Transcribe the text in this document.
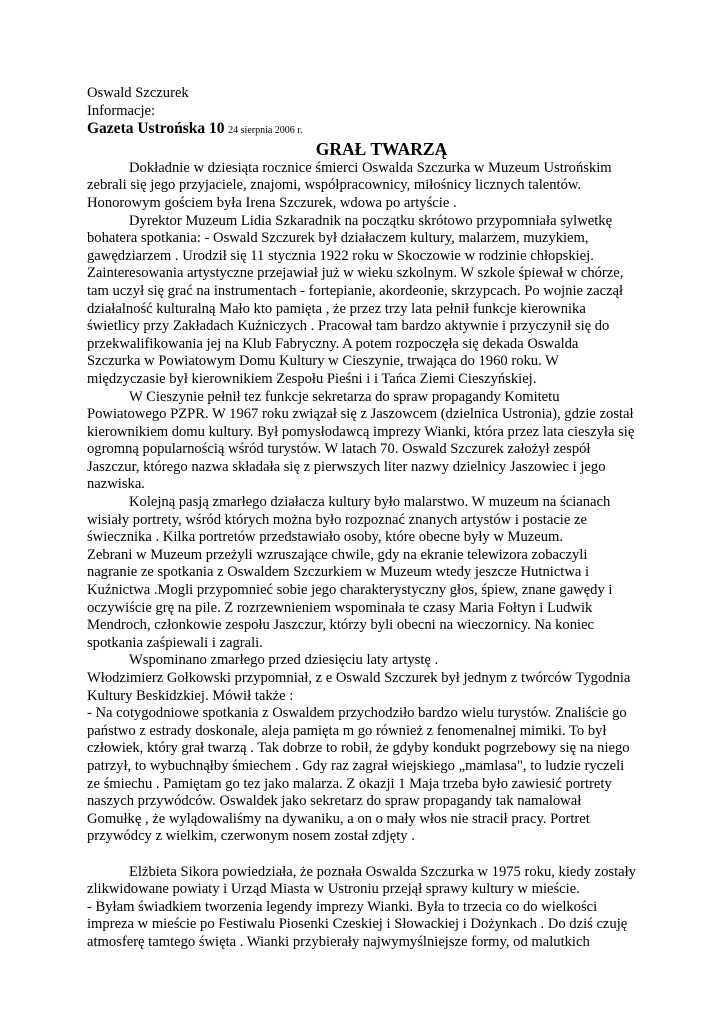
Oswald Szczurek
Informacje:
Gazeta Ustrońska 10 24 sierpnia 2006 r.
GRAŁ TWARZĄ
Dokładnie w dziesiąta rocznice śmierci Oswalda Szczurka w Muzeum Ustrońskim
zebrali się jego przyjaciele, znajomi, współpracownicy, miłośnicy licznych talentów.
Honorowym gościem była Irena Szczurek, wdowa po artyście .
Dyrektor Muzeum Lidia Szkaradnik na początku skrótowo przypomniała sylwetkę
bohatera spotkania: - Oswald Szczurek był działaczem kultury, malarzem, muzykiem,
gawędziarzem . Urodził się 11 stycznia 1922 roku w Skoczowie w rodzinie chłopskiej.
Zainteresowania artystyczne przejawiał już w wieku szkolnym. W szkole śpiewał w chórze,
tam uczył się grać na instrumentach - fortepianie, akordeonie, skrzypcach. Po wojnie zaczął
działalność kulturalną Mało kto pamięta , że przez trzy lata pełnił funkcje kierownika
świetlicy przy Zakładach Kuźniczych . Pracował tam bardzo aktywnie i przyczynił się do
przekwalifikowania jej na Klub Fabryczny. A potem rozpoczęła się dekada Oswalda
Szczurka w Powiatowym Domu Kultury w Cieszynie, trwająca do 1960 roku. W
międzyczasie był kierownikiem Zespołu Pieśni i i Tańca Ziemi Cieszyńskiej.
W Cieszynie pełnił tez funkcje sekretarza do spraw propagandy Komitetu
Powiatowego PZPR. W 1967 roku związał się z Jaszowcem (dzielnica Ustronia), gdzie został
kierownikiem domu kultury. Był pomysłodawcą imprezy Wianki, która przez lata cieszyła się
ogromną popularnością wśród turystów. W latach 70. Oswald Szczurek założył zespół
Jaszczur, którego nazwa składała się z pierwszych liter nazwy dzielnicy Jaszowiec i jego
nazwiska.
Kolejną pasją zmarłego działacza kultury było malarstwo. W muzeum na ścianach
wisiały portrety, wśród których można było rozpoznać znanych artystów i postacie ze
świecznika . Kilka portretów przedstawiało osoby, które obecne były w Muzeum.
Zebrani w Muzeum przeżyli wzruszające chwile, gdy na ekranie telewizora zobaczyli
nagranie ze spotkania z Oswaldem Szczurkiem w Muzeum wtedy jeszcze Hutnictwa i
Kuźnictwa .Mogli przypomnieć sobie jego charakterystyczny głos, śpiew, znane gawędy i
oczywiście grę na pile. Z rozrzewnieniem wspominała te czasy Maria Fołtyn i Ludwik
Mendroch, członkowie zespołu Jaszczur, którzy byli obecni na wieczornicy. Na koniec
spotkania zaśpiewali i zagrali.
Wspominano zmarłego przed dziesięciu laty artystę .
Włodzimierz Gołkowski przypomniał, z e Oswald Szczurek był jednym z twórców Tygodnia
Kultury Beskidzkiej. Mówił także :
- Na cotygodniowe spotkania z Oswaldem przychodziło bardzo wielu turystów. Znaliście go
państwo z estrady doskonale, aleja pamięta m go również z fenomenalnej mimiki. To był
człowiek, który grał twarzą . Tak dobrze to robił, że gdyby kondukt pogrzebowy się na niego
patrzył, to wybuchnąłby śmiechem . Gdy raz zagrał wiejskiego „mamlasa", to ludzie ryczeli
ze śmiechu . Pamiętam go tez jako malarza. Z okazji 1 Maja trzeba było zawiesić portrety
naszych przywódców. Oswaldek jako sekretarz do spraw propagandy tak namalował
Gomułkę , że wylądowaliśmy na dywaniku, a on o mały włos nie stracił pracy. Portret
przywódcy z wielkim, czerwonym nosem został zdjęty .
Elżbieta Sikora powiedziała, że poznała Oswalda Szczurka w 1975 roku, kiedy zostały
zlikwidowane powiaty i Urząd Miasta w Ustroniu przejął sprawy kultury w mieście.
- Byłam świadkiem tworzenia legendy imprezy Wianki. Była to trzecia co do wielkości
impreza w mieście po Festiwalu Piosenki Czeskiej i Słowackiej i Dożynkach . Do dziś czuję
atmosferę tamtego święta . Wianki przybierały najwymyślniejsze formy, od malutkich
